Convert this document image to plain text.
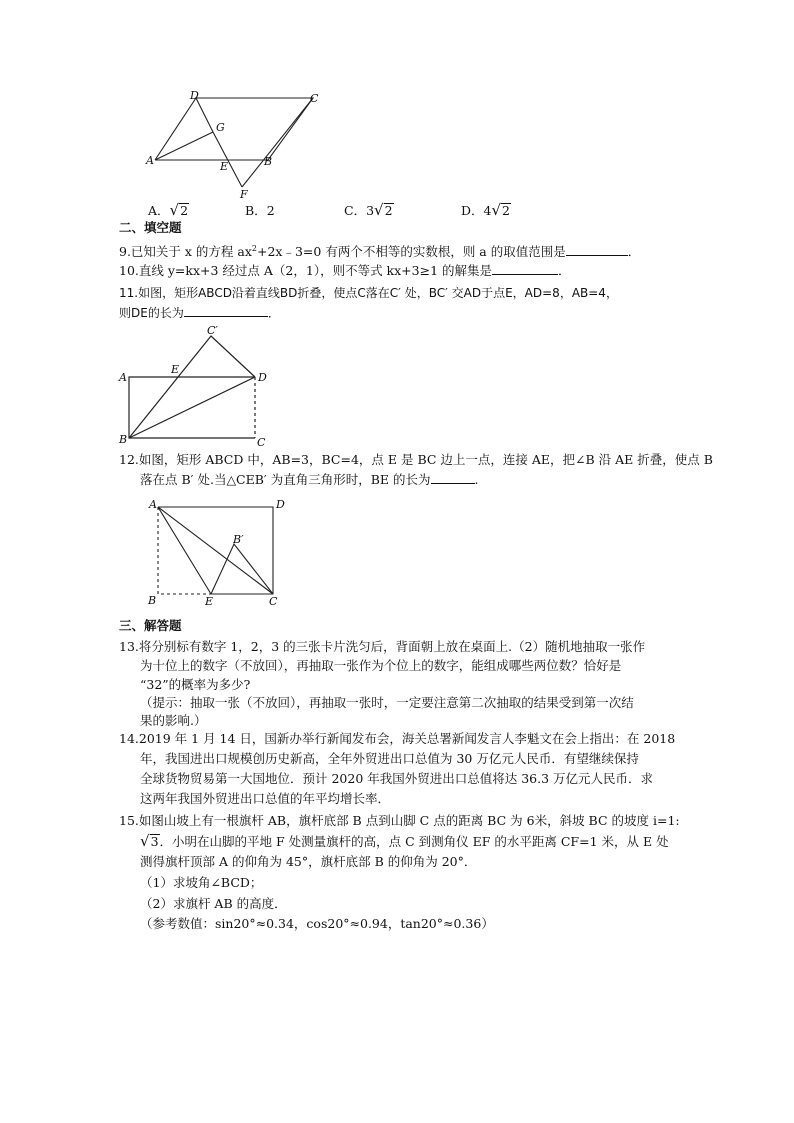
D	C
G
A	E	B
F
A．√2	B．2	C．3√2	D．4√2
二、填空题
9.已知关于 x 的方程 $ax^2+2x﹣3=0$ 有两个不相等的实数根，则 a 的取值范围是	．
10.直线 y=kx+3 经过点 A（2，1），则不等式 kx+3≥1 的解集是	．
11.如图，矩形ABCD沿着直线BD折叠，使点C落在C′ 处，BC′ 交AD于点E，AD=8，AB=4，
则DE的长为	．
C′
A
E
D
B	C
12.如图，矩形 ABCD 中，AB=3，BC=4，点 E 是 BC 边上一点，连接 AE，把∠B 沿 AE 折叠，使点 B
落在点 B′ 处.当△CEB′ 为直角三角形时，BE 的长为	.
A	D
B′
B	E	C
三、解答题
13.将分别标有数字 1，2，3 的三张卡片洗匀后，背面朝上放在桌面上.（2）随机地抽取一张作
为十位上的数字（不放回），再抽取一张作为个位上的数字，能组成哪些两位数？恰好是
“32”的概率为多少?
（提示：抽取一张（不放回），再抽取一张时，一定要注意第二次抽取的结果受到第一次结
果的影响.）
14.2019 年 1 月 14 日，国新办举行新闻发布会，海关总署新闻发言人李魁文在会上指出：在 2018
年，我国进出口规模创历史新高，全年外贸进出口总值为 30 万亿元人民币．有望继续保持
全球货物贸易第一大国地位．预计 2020 年我国外贸进出口总值将达 36.3 万亿元人民币．求
这两年我国外贸进出口总值的年平均增长率．
15.如图山坡上有一根旗杆 AB，旗杆底部 B 点到山脚 C 点的距离 BC 为 6米，斜坡 BC 的坡度 i=1:
√3．小明在山脚的平地 F 处测量旗杆的高，点 C 到测角仪 EF 的水平距离 CF=1 米，从 E 处
测得旗杆顶部 A 的仰角为 45°，旗杆底部 B 的仰角为 20°．
（1）求坡角∠BCD；
（2）求旗杆 AB 的高度．
（参考数值：sin20°≈0.34，cos20°≈0.94，tan20°≈0.36）
